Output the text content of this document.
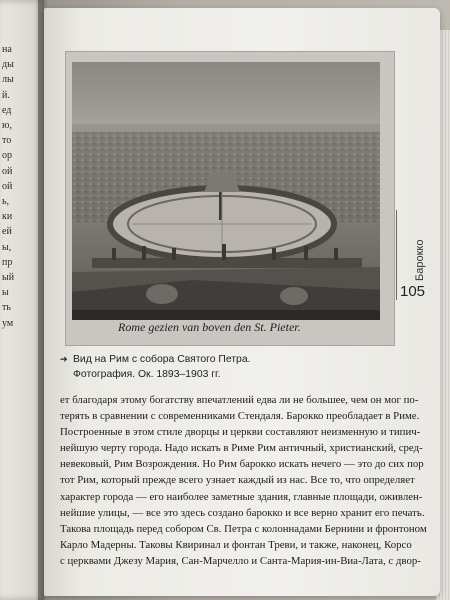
на
ды
лы
й.
ед
ю,
то
ор
ой
ой
ь,
ки
ей
ы,
пр
ый
ы
ть
ум	Rome gezien van boven den St. Pieter.
➔ Вид на Рим с собора Святого Петра.
Фотография. Ок. 1893–1903 гг.
Барокко
105
ет благодаря этому богатству впечатлений едва ли не большее, чем он мог по-
терять в сравнении с современниками Стендаля. Барокко преобладает в Риме.
Построенные в этом стиле дворцы и церкви составляют неизменную и типич-
нейшую черту города. Надо искать в Риме Рим античный, христианский, сред-
невековый, Рим Возрождения. Но Рим барокко искать нечего — это до сих пор
тот Рим, который прежде всего узнает каждый из нас. Все то, что определяет
характер города — его наиболее заметные здания, главные площади, оживлен-
нейшие улицы, — все это здесь создано барокко и все верно хранит его печать.
Такова площадь перед собором Св. Петра с колоннадами Бернини и фронтоном
Карло Мадерны. Таковы Квиринал и фонтан Треви, и также, наконец, Корсо
с церквами Джезу Мария, Сан-Марчелло и Санта-Мария-ин-Виа-Лата, с двор-
